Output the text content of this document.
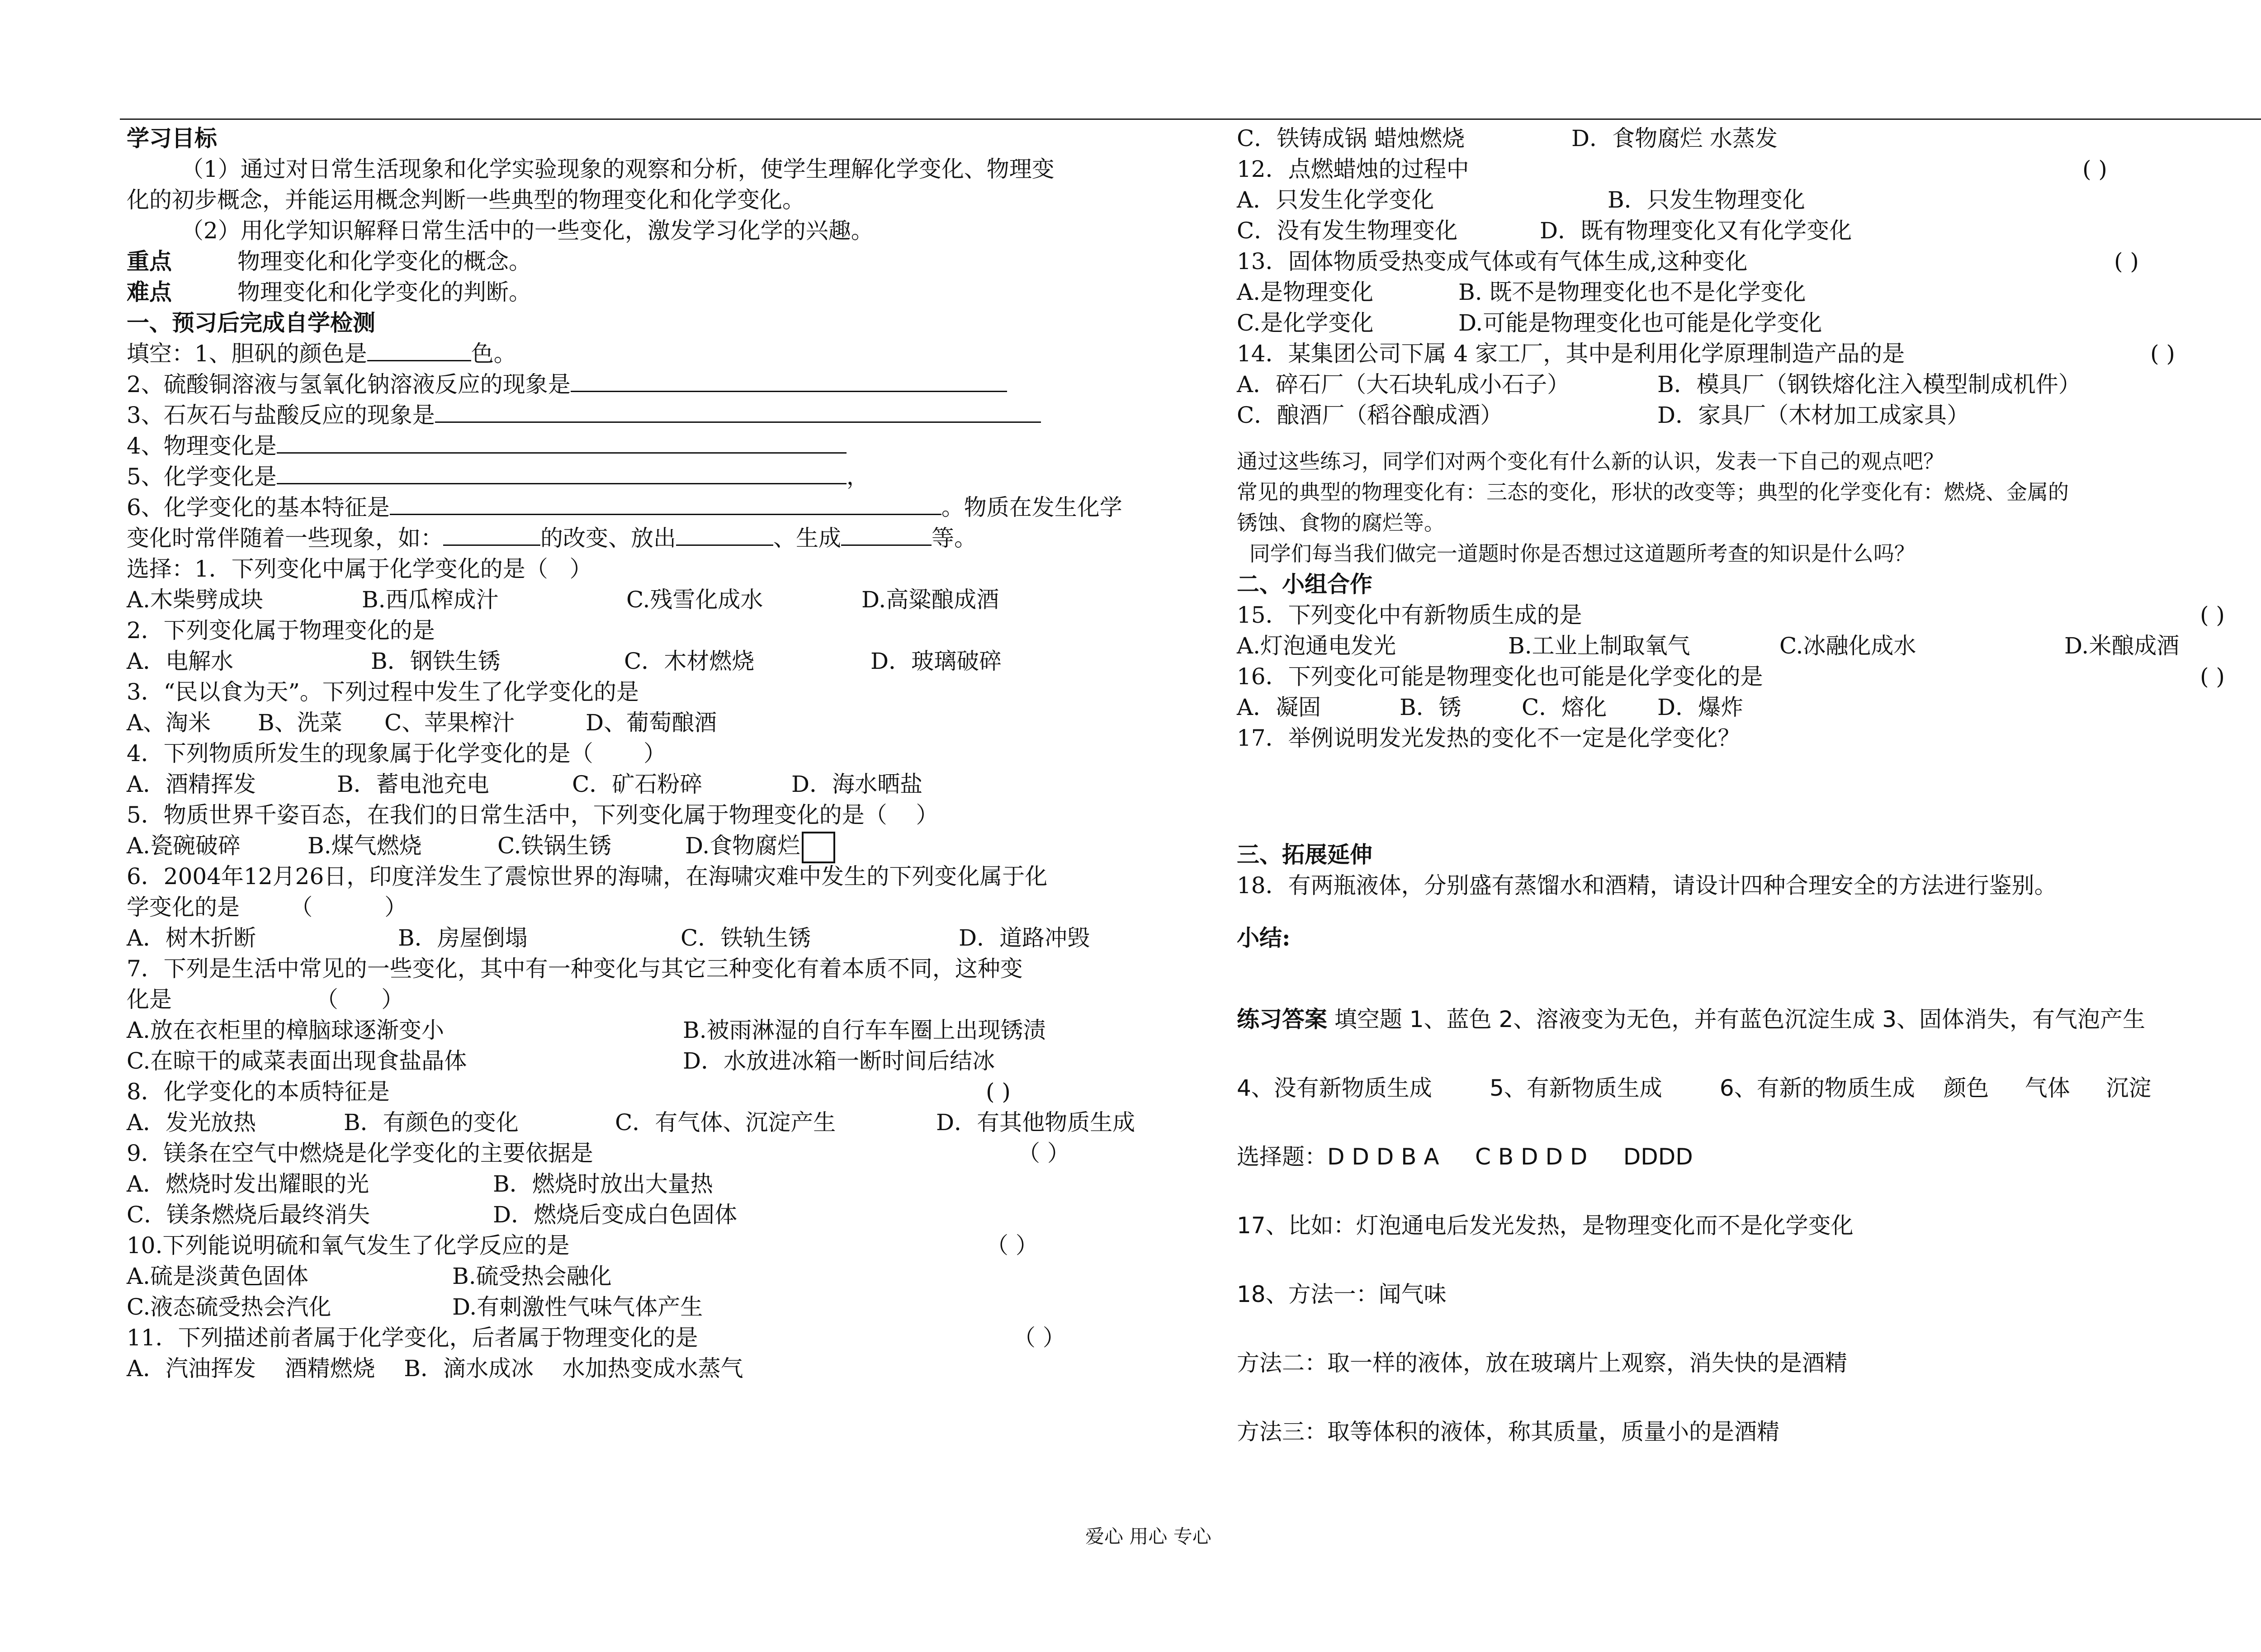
学习目标
（1）通过对日常生活现象和化学实验现象的观察和分析，使学生理解化学变化、物理变
化的初步概念，并能运用概念判断一些典型的物理变化和化学变化。
（2）用化学知识解释日常生活中的一些变化，激发学习化学的兴趣。
重点	物理变化和化学变化的概念。
难点	物理变化和化学变化的判断。
一、预习后完成自学检测
填空：1、胆矾的颜色是	色。
2、硫酸铜溶液与氢氧化钠溶液反应的现象是
3、石灰石与盐酸反应的现象是
4、物理变化是
5、化学变化是	，
6、化学变化的基本特征是	。物质在发生化学
变化时常伴随着一些现象，如：	的改变、放出	、生成	等。
选择：1．下列变化中属于化学变化的是（   ）
A.木柴劈成块	B.西瓜榨成汁	C.残雪化成水	D.高粱酿成酒
2．下列变化属于物理变化的是
A．电解水	B．钢铁生锈	C．木材燃烧	D．玻璃破碎
3．“民以食为天”。下列过程中发生了化学变化的是
A、淘米 B、洗菜 C、苹果榨汁	D、葡萄酿酒
4．下列物质所发生的现象属于化学变化的是（       ）
A．酒精挥发	B．蓄电池充电	C．矿石粉碎	D．海水晒盐
5．物质世界千姿百态，在我们的日常生活中，下列变化属于物理变化的是（    ）
A.瓷碗破碎	B.煤气燃烧	C.铁锅生锈	D.食物腐烂
6．2004年12月26日，印度洋发生了震惊世界的海啸，在海啸灾难中发生的下列变化属于化
学变化的是       （          ）
A．树木折断	B．房屋倒塌	C．铁轨生锈	D．道路冲毁
7．下列是生活中常见的一些变化，其中有一种变化与其它三种变化有着本质不同，这种变
化是                    （      ）
A.放在衣柜里的樟脑球逐渐变小	B.被雨淋湿的自行车车圈上出现锈渍
C.在晾干的咸菜表面出现食盐晶体	D．水放进冰箱一断时间后结冰
8．化学变化的本质特征是	( )
A．发光放热	B．有颜色的变化	C．有气体、沉淀产生	D．有其他物质生成
9．镁条在空气中燃烧是化学变化的主要依据是	（ ）
A．燃烧时发出耀眼的光	B．燃烧时放出大量热
C．镁条燃烧后最终消失	D．燃烧后变成白色固体
10.下列能说明硫和氧气发生了化学反应的是	（ ）
A.硫是淡黄色固体	B.硫受热会融化
C.液态硫受热会汽化	D.有刺激性气味气体产生
11．下列描述前者属于化学变化，后者属于物理变化的是	（ ）
A．汽油挥发    酒精燃烧    B．滴水成冰    水加热变成水蒸气
C．铁铸成锅 蜡烛燃烧	D．食物腐烂 水蒸发
12．点燃蜡烛的过程中	( )
A．只发生化学变化	B．只发生物理变化
C．没有发生物理变化	D．既有物理变化又有化学变化
13．固体物质受热变成气体或有气体生成,这种变化	( )
A.是物理变化	B. 既不是物理变化也不是化学变化
C.是化学变化	D.可能是物理变化也可能是化学变化
14．某集团公司下属 4 家工厂，其中是利用化学原理制造产品的是	( )
A．碎石厂（大石块轧成小石子）	B．模具厂（钢铁熔化注入模型制成机件）
C．酿酒厂（稻谷酿成酒）	D．家具厂（木材加工成家具）
通过这些练习，同学们对两个变化有什么新的认识，发表一下自己的观点吧？
常见的典型的物理变化有：三态的变化，形状的改变等；典型的化学变化有：燃烧、金属的
锈蚀、食物的腐烂等。
同学们每当我们做完一道题时你是否想过这道题所考查的知识是什么吗？
二、小组合作
15．下列变化中有新物质生成的是	( )
A.灯泡通电发光	B.工业上制取氧气	C.冰融化成水	D.米酿成酒
16．下列变化可能是物理变化也可能是化学变化的是	( )
A．凝固	B．锈	C．熔化 D．爆炸
17．举例说明发光发热的变化不一定是化学变化？
三、拓展延伸
18．有两瓶液体，分别盛有蒸馏水和酒精，请设计四种合理安全的方法进行鉴别。
小结:
练习答案 填空题 1、蓝色 2、溶液变为无色，并有蓝色沉淀生成 3、固体消失，有气泡产生
4、没有新物质生成        5、有新物质生成        6、有新的物质生成    颜色     气体     沉淀
选择题：D D D B A     C B D D D     DDDD
17、比如：灯泡通电后发光发热，是物理变化而不是化学变化
18、方法一：闻气味
方法二：取一样的液体，放在玻璃片上观察，消失快的是酒精
方法三：取等体积的液体，称其质量，质量小的是酒精
爱心 用心 专心
